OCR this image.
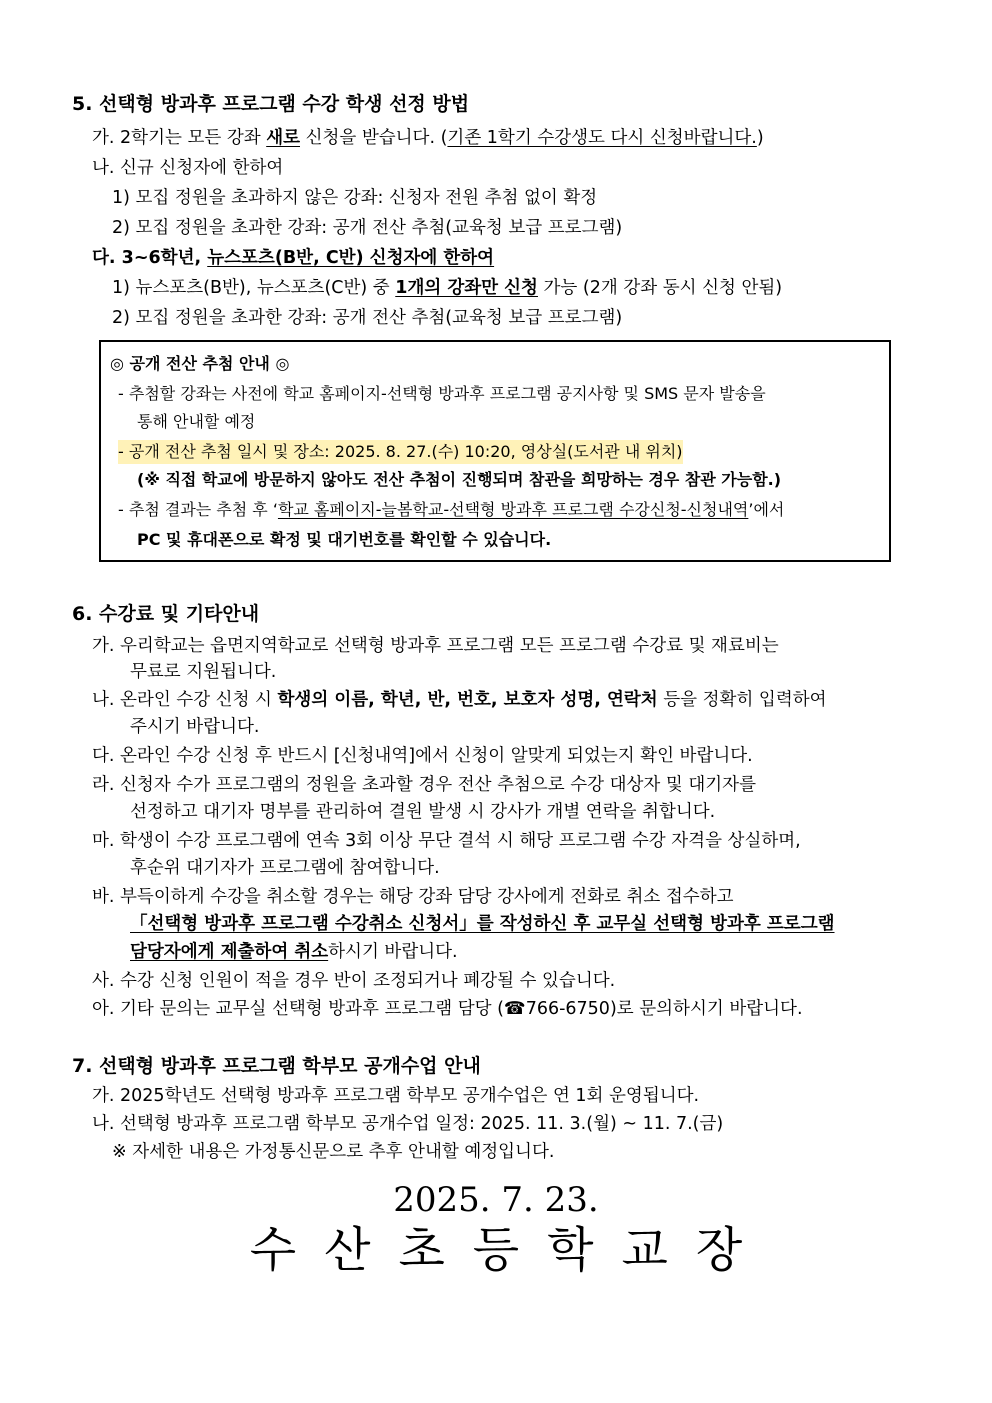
5. 선택형 방과후 프로그램 수강 학생 선정 방법
가. 2학기는 모든 강좌 새로 신청을 받습니다. (기존 1학기 수강생도 다시 신청바랍니다.)
나. 신규 신청자에 한하여
1) 모집 정원을 초과하지 않은 강좌: 신청자 전원 추첨 없이 확정
2) 모집 정원을 초과한 강좌: 공개 전산 추첨(교육청 보급 프로그램)
다. 3~6학년, 뉴스포츠(B반, C반) 신청자에 한하여
1) 뉴스포츠(B반), 뉴스포츠(C반) 중 1개의 강좌만 신청 가능 (2개 강좌 동시 신청 안됨)
2) 모집 정원을 초과한 강좌: 공개 전산 추첨(교육청 보급 프로그램)
◎ 공개 전산 추첨 안내 ◎
- 추첨할 강좌는 사전에 학교 홈페이지-선택형 방과후 프로그램 공지사항 및 SMS 문자 발송을
통해 안내할 예정
- 공개 전산 추첨 일시 및 장소: 2025. 8. 27.(수) 10:20, 영상실(도서관 내 위치)
(※ 직접 학교에 방문하지 않아도 전산 추첨이 진행되며 참관을 희망하는 경우 참관 가능함.)
- 추첨 결과는 추첨 후 ‘학교 홈페이지-늘봄학교-선택형 방과후 프로그램 수강신청-신청내역’에서
PC 및 휴대폰으로 확정 및 대기번호를 확인할 수 있습니다.
6. 수강료 및 기타안내
가. 우리학교는 읍면지역학교로 선택형 방과후 프로그램 모든 프로그램 수강료 및 재료비는
무료로 지원됩니다.
나. 온라인 수강 신청 시 학생의 이름, 학년, 반, 번호, 보호자 성명, 연락처 등을 정확히 입력하여
주시기 바랍니다.
다. 온라인 수강 신청 후 반드시 [신청내역]에서 신청이 알맞게 되었는지 확인 바랍니다.
라. 신청자 수가 프로그램의 정원을 초과할 경우 전산 추첨으로 수강 대상자 및 대기자를
선정하고 대기자 명부를 관리하여 결원 발생 시 강사가 개별 연락을 취합니다.
마. 학생이 수강 프로그램에 연속 3회 이상 무단 결석 시 해당 프로그램 수강 자격을 상실하며,
후순위 대기자가 프로그램에 참여합니다.
바. 부득이하게 수강을 취소할 경우는 해당 강좌 담당 강사에게 전화로 취소 접수하고
「선택형 방과후 프로그램 수강취소 신청서」를 작성하신 후 교무실 선택형 방과후 프로그램
담당자에게 제출하여 취소하시기 바랍니다.
사. 수강 신청 인원이 적을 경우 반이 조정되거나 폐강될 수 있습니다.
아. 기타 문의는 교무실 선택형 방과후 프로그램 담당 (☎766-6750)로 문의하시기 바랍니다.
7. 선택형 방과후 프로그램 학부모 공개수업 안내
가. 2025학년도 선택형 방과후 프로그램 학부모 공개수업은 연 1회 운영됩니다.
나. 선택형 방과후 프로그램 학부모 공개수업 일정: 2025. 11. 3.(월) ~ 11. 7.(금)
※ 자세한 내용은 가정통신문으로 추후 안내할 예정입니다.
2025. 7. 23.
수산초등학교장
